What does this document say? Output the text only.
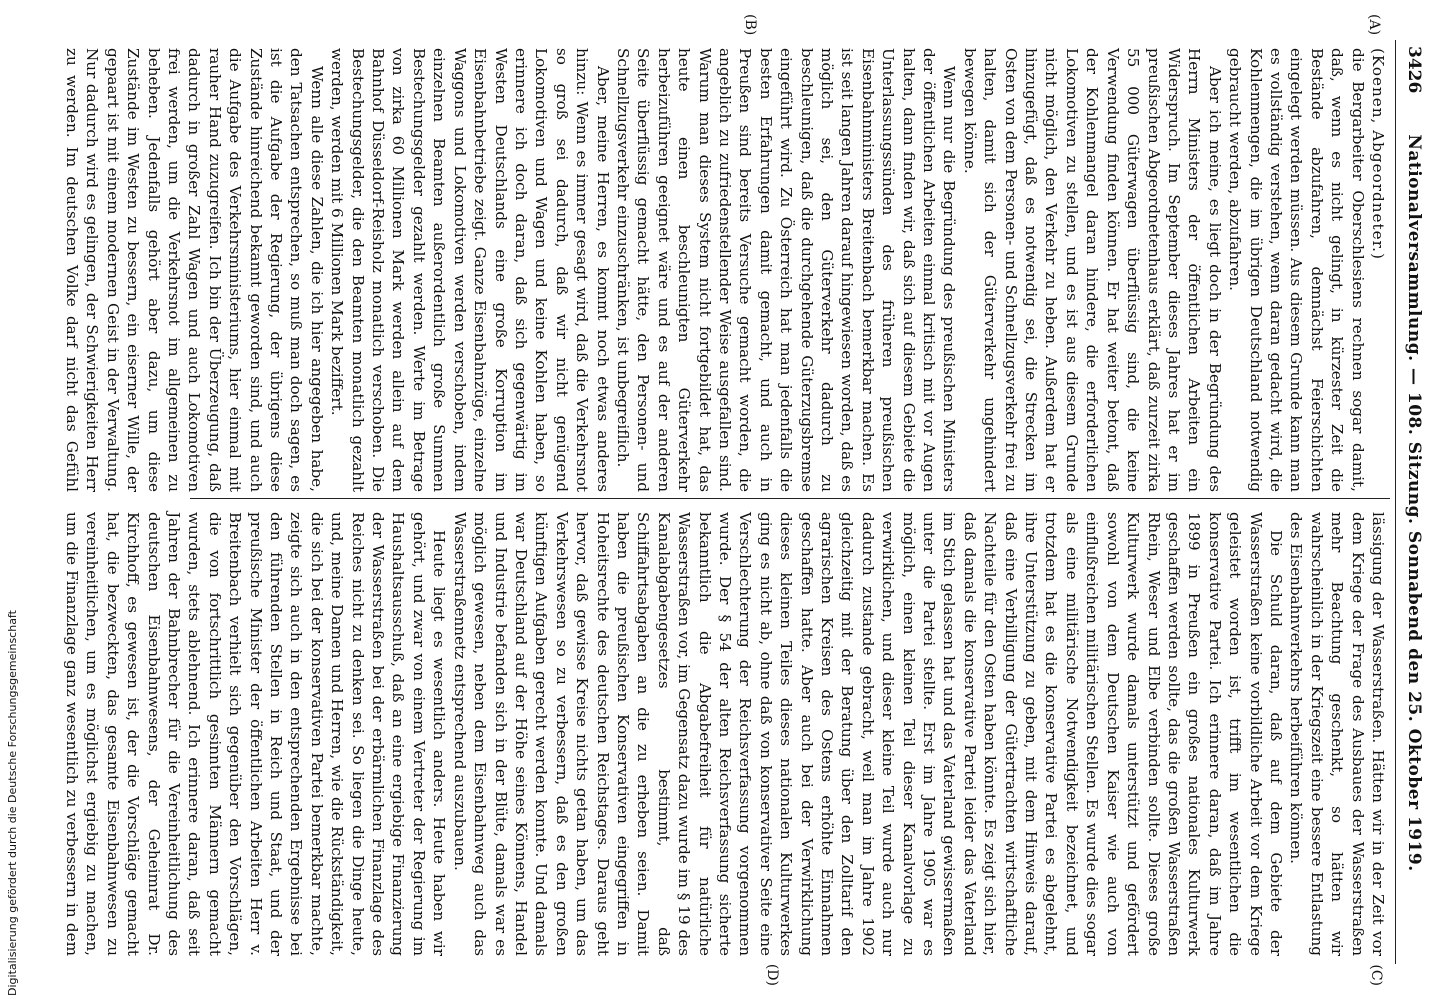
3426
Nationalversammlung. — 108. Sitzung. Sonnabend den 25. Oktober 1919.
(A)
(B)
(C)
(D)

(Koenen, Abgeordneter.)

die Bergarbeiter Oberschlesiens rechnen sogar damit, daß, wenn es nicht gelingt, in kürzester Zeit die Bestände abzufahren, demnächst Feierschichten eingelegt werden müssen. Aus diesem Grunde kann man es vollständig verstehen, wenn daran gedacht wird, die Kohlenmengen, die im übrigen Deutschland notwendig gebraucht werden, abzufahren.

Aber ich meine, es liegt doch in der Begründung des Herrn Ministers der öffentlichen Arbeiten ein Widerspruch. Im September dieses Jahres hat er im preußischen Abgeordnetenhaus erklärt, daß zurzeit zirka 55 000 Güterwagen überflüssig sind, die keine Verwendung finden können. Er hat weiter betont, daß der Kohlenmangel daran hindere, die erforderlichen Lokomotiven zu stellen, und es ist aus diesem Grunde nicht möglich, den Verkehr zu heben. Außerdem hat er hinzugefügt, daß es notwendig sei, die Strecken im Osten von dem Personen- und Schnellzugsverkehr frei zu halten, damit sich der Güterverkehr ungehindert bewegen könne.

Wenn nur die Begründung des preußischen Ministers der öffentlichen Arbeiten einmal kritisch mit vor Augen halten, dann finden wir, daß sich auf diesem Gebiete die Unterlassungssünden des früheren preußischen Eisenbahnministers Breitenbach bemerkbar machen. Es ist seit langen Jahren darauf hingewiesen worden, daß es möglich sei, den Güterverkehr dadurch zu beschleunigen, daß die durchgehende Güterzugsbremse eingeführt wird. Zu Österreich hat man jedenfalls die besten Erfahrungen damit gemacht, und auch in Preußen sind bereits Versuche gemacht worden, die angeblich zu zufriedenstellender Weise ausgefallen sind. Warum man dieses System nicht fortgebildet hat, das heute einen beschleunigten Güterverkehr herbeizuführen geeignet wäre und es auf der anderen Seite überflüssig gemacht hätte, den Personen- und Schnellzugsverkehr einzuschränken, ist unbegreiflich.

Aber, meine Herren, es kommt noch etwas anderes hinzu: Wenn es immer gesagt wird, daß die Verkehrsnot so groß sei dadurch, daß wir nicht genügend Lokomotiven und Wagen und keine Kohlen haben, so erinnere ich doch daran, daß sich gegenwärtig im Westen Deutschlands eine große Korruption im Eisenbahnbetriebe zeigt. Ganze Eisenbahnzüge, einzelne Waggons und Lokomotiven werden verschoben, indem einzelnen Beamten außerordentlich große Summen Bestechungsgelder gezahlt werden. Werte im Betrage von zirka 60 Millionen Mark werden allein auf dem Bahnhof Düsseldorf-Reisholz monatlich verschoben. Die Bestechungsgelder, die den Beamten monatlich gezahlt werden, werden mit 6 Millionen Mark beziffert.

Wenn alle diese Zahlen, die ich hier angegeben habe, den Tatsachen entsprechen, so muß man doch sagen, es ist die Aufgabe der Regierung, der übrigens diese Zustände hinreichend bekannt geworden sind, und auch die Aufgabe des Verkehrsministeriums, hier einmal mit rauher Hand zuzugreifen. Ich bin der Überzeugung, daß dadurch in großer Zahl Wagen und auch Lokomotiven frei werden, um die Verkehrsnot im allgemeinen zu beheben. Jedenfalls gehört aber dazu, um diese Zustände im Westen zu bessern, ein eiserner Wille, der gepaart ist mit einem modernen Geist in der Verwaltung. Nur dadurch wird es gelingen, der Schwierigkeiten Herr zu werden. Im deutschen Volke darf nicht das Gefühl

lässigung der Wasserstraßen. Hätten wir in der Zeit vor dem Kriege der Frage des Ausbaues der Wasserstraßen mehr Beachtung geschenkt, so hätten wir wahrscheinlich in der Kriegszeit eine bessere Entlastung des Eisenbahnverkehrs herbeiführen können.

Die Schuld daran, daß auf dem Gebiete der Wasserstraßen keine vorbildliche Arbeit vor dem Kriege geleistet worden ist, trifft im wesentlichen die konservative Partei. Ich erinnere daran, daß im Jahre 1899 in Preußen ein großes nationales Kulturwerk geschaffen werden sollte, das die großen Wasserstraßen Rhein, Weser und Elbe verbinden sollte. Dieses große Kulturwerk wurde damals unterstützt und gefördert sowohl von dem Deutschen Kaiser wie auch von einflußreichen militärischen Stellen. Es wurde dies sogar als eine militärische Notwendigkeit bezeichnet, und trotzdem hat es die konservative Partei es abgelehnt, ihre Unterstützung zu geben, mit dem Hinweis darauf, daß eine Verbilligung der Gütertrachten wirtschaftliche Nachteile für den Osten haben könnte. Es zeigt sich hier, daß damals die konservative Partei leider das Vaterland im Stich gelassen hat und das Vaterland gewissermaßen unter die Partei stellte. Erst im Jahre 1905 war es möglich, einen kleinen Teil dieser Kanalvorlage zu verwirklichen, und dieser kleine Teil wurde auch nur dadurch zustande gebracht, weil man im Jahre 1902 gleichzeitig mit der Beratung über den Zolltarif den agrarischen Kreisen des Ostens erhöhte Einnahmen geschaffen hatte. Aber auch bei der Verwirklichung dieses kleinen Teiles dieses nationalen Kulturwerkes ging es nicht ab, ohne daß von konservativer Seite eine Verschlechterung der Reichsverfassung vorgenommen wurde. Der § 54 der alten Reichsverfassung sicherte bekanntlich die Abgabefreiheit für natürliche Wasserstraßen vor, im Gegensatz dazu wurde im § 19 des Kanalabgabengesetzes bestimmt, daß Schiffahrtsabgaben an die zu erheben seien. Damit haben die preußischen Konservativen eingegriffen in Hoheitsrechte des deutschen Reichstages. Daraus geht hervor, daß gewisse Kreise nichts getan haben, um das Verkehrswesen so zu verbessern, daß es den großen künftigen Aufgaben gerecht werden konnte. Und damals war Deutschland auf der Höhe seines Könnens, Handel und Industrie befanden sich in der Blüte, damals war es möglich gewesen, neben dem Eisenbahnweg auch das Wasserstraßennetz entsprechend auszubauen.

Heute liegt es wesentlich anders. Heute haben wir gehört, und zwar von einem Vertreter der Regierung im Haushaltsausschuß, daß an eine ergiebige Finanzierung der Wasserstraßen bei der erbärmlichen Finanzlage des Reiches nicht zu denken sei. So liegen die Dinge heute, und, meine Damen und Herren, wie die Rückständigkeit, die sich bei der konservativen Partei bemerkbar machte, zeigte sich auch in den entsprechenden Ergebnisse bei den führenden Stellen in Reich und Staat, und der preußische Minister der öffentlichen Arbeiten Herr v. Breitenbach verhielt sich gegenüber den Vorschlägen, die von fortschrittlich gesinnten Männern gemacht wurden, stets ablehnend. Ich erinnere daran, daß seit Jahren der Bahnbrecher für die Vereinheitlichung des deutschen Eisenbahnwesens, der Geheimrat Dr. Kirchhoff, es gewesen ist, der die Vorschläge gemacht hat, die bezweckten, das gesamte Eisenbahnwesen zu vereinheitlichen, um es möglichst ergiebig zu machen, um die Finanzlage ganz wesentlich zu verbessern in dem

Digitalisierung gefördert durch die Deutsche Forschungsgemeinschaft
